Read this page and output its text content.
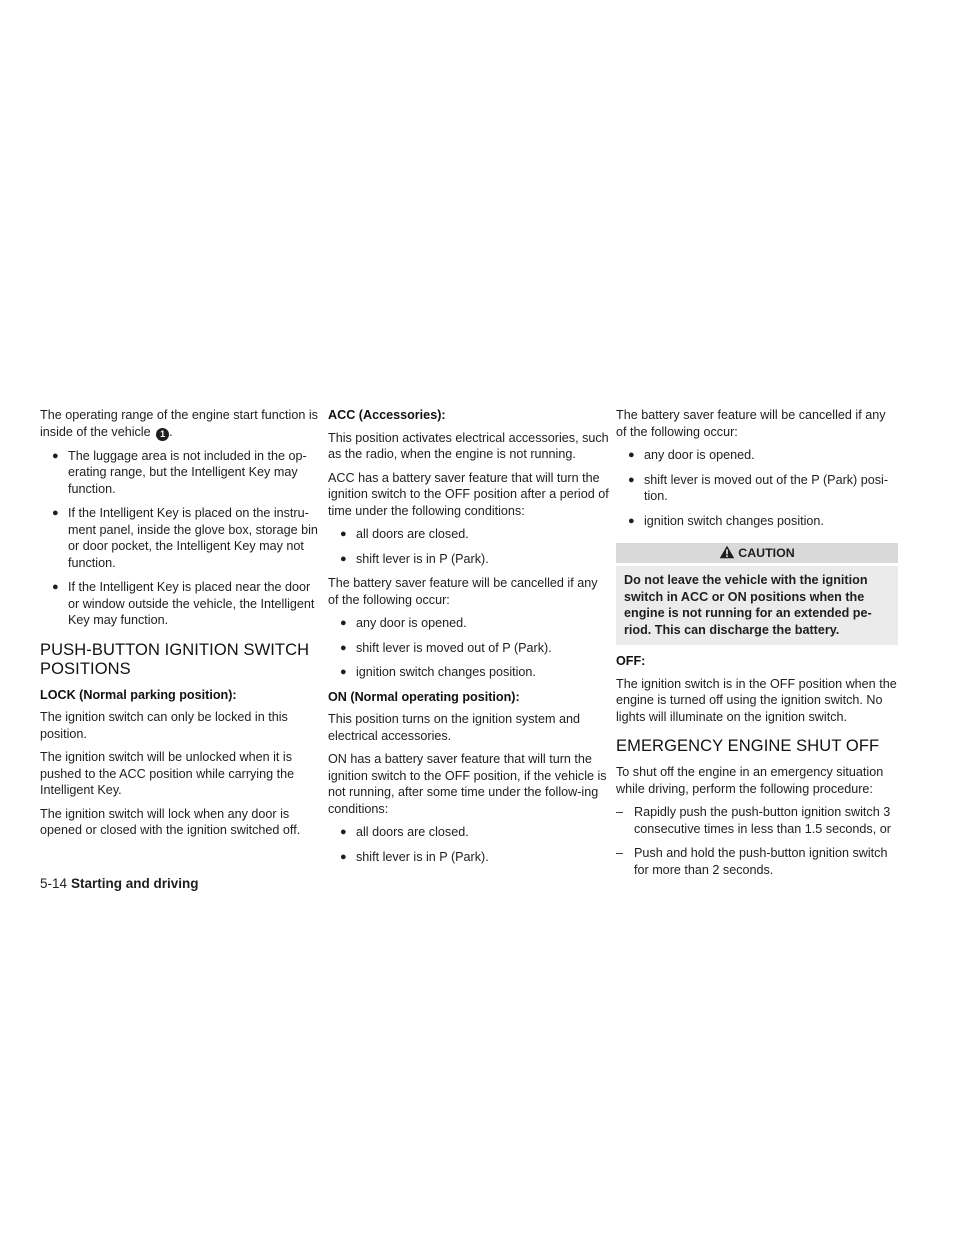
The operating range of the engine start function is inside of the vehicle 1 .

● The luggage area is not included in the op-erating range, but the Intelligent Key may function.
● If the Intelligent Key is placed on the instru-ment panel, inside the glove box, storage bin or door pocket, the Intelligent Key may not function.
● If the Intelligent Key is placed near the door or window outside the vehicle, the Intelligent Key may function.
PUSH-BUTTON IGNITION SWITCH POSITIONS

LOCK (Normal parking position):

The ignition switch can only be locked in this position.

The ignition switch will be unlocked when it is pushed to the ACC position while carrying the Intelligent Key.

The ignition switch will lock when any door is opened or closed with the ignition switched off.

ACC (Accessories):

This position activates electrical accessories, such as the radio, when the engine is not running.

ACC has a battery saver feature that will turn the ignition switch to the OFF position after a period of time under the following conditions:

● all doors are closed.
● shift lever is in P (Park).

The battery saver feature will be cancelled if any of the following occur:

● any door is opened.
● shift lever is moved out of P (Park).
● ignition switch changes position.

ON (Normal operating position):

This position turns on the ignition system and electrical accessories.

ON has a battery saver feature that will turn the ignition switch to the OFF position, if the vehicle is not running, after some time under the follow-ing conditions:

● all doors are closed.
● shift lever is in P (Park).

The battery saver feature will be cancelled if any of the following occur:

● any door is opened.
● shift lever is moved out of the P (Park) posi-tion.
● ignition switch changes position.
CAUTION
Do not leave the vehicle with the ignition switch in ACC or ON positions when the engine is not running for an extended pe-riod. This can discharge the battery.

OFF:

The ignition switch is in the OFF position when the engine is turned off using the ignition switch. No lights will illuminate on the ignition switch.

EMERGENCY ENGINE SHUT OFF

To shut off the engine in an emergency situation while driving, perform the following procedure:

– Rapidly push the push-button ignition switch 3 consecutive times in less than 1.5 seconds, or
– Push and hold the push-button ignition switch for more than 2 seconds.
5-14 Starting and driving
